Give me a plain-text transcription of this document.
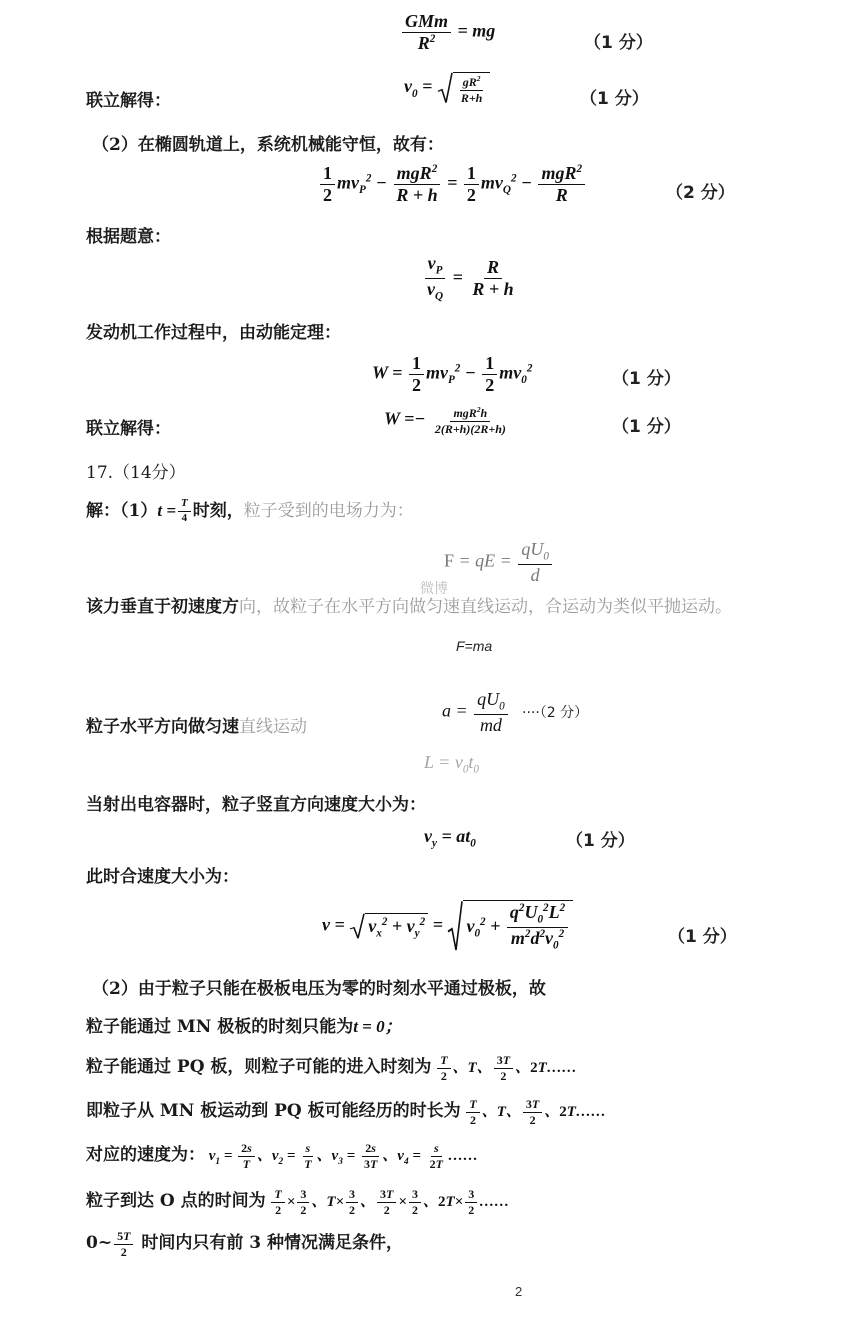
$\frac{\text{GMm}}{R^2}$ = mg
（1 分）
联立解得：
$v_0 = \frac{gR^2}{R+h}$	（1 分）
（2）在椭圆轨道上，系统机械能守恒，故有：
$\frac{1}{2} mv_P^2 - \frac{mgR^2}{R + h} = \frac{1}{2} mv_Q^2 - \frac{mgR^2}{R}$	（2 分）
根据题意：
$\frac{v_P}{v_Q} = \frac{R}{R + h}$
发动机工作过程中，由动能定理：
$W = \frac{1}{2} mv_P^2 - \frac{1}{2} mv_0^2$
（1 分）
联立解得：
$W =- \frac{mgR^2h}{2(R+h)(2R+h)}$	（1 分）
17.（14分）
解：$(1)t = \frac{T}{4}$ 时刻，粒子受到的电场力为：
F = qE = $\frac{qU_0}{d}$
该力垂直于初速度方向，故粒子在水平方向做匀速直线运动，合运动为类似平抛运动。
微博
F=ma
粒子水平方向做匀速直线运动
$a = \frac{qU_0}{md} \cdot\cdot\cdot\cdot(2$ 分）
$L = v_0t_0$
当射出电容器时，粒子竖直方向速度大小为：
$v_y = at_0$	（1 分）
此时合速度大小为：
v =
$v_x^2 + v_y^2$ =
$v_0^2 + \frac{q^2U_0^2L^2}{m^2d^2v_0^2}$	（1 分）
（2）由于粒子只能在极板电压为零的时刻水平通过极板，故
粒子能通过 MN 极板的时刻只能为t = 0；
粒子能通过 PQ 板，则粒子可能的进入时刻为 $\frac{T}{2}$ 、T、 $\frac{3T}{2}$ 、2T……
即粒子从 MN 板运动到 PQ 板可能经历的时长为 $\frac{T}{2}$ 、T、 $\frac{3T}{2}$ 、2T……
对应的速度为： $v_1 = \frac{2s}{T}$ 、$v_2 = \frac{s}{T}$ 、$v_3 = \frac{2s}{3T}$ 、$v_4 = \frac{s}{2T}$ ……
粒子到达 O 点的时间为 $\frac{T}{2} \times \frac{3}{2}$ 、$T\times \frac{3}{2}$ 、 $\frac{3T}{2} \times \frac{3}{2}$ 、$2T\times \frac{3}{2}$ ……
0~ $\frac{5T}{2}$ 时间内只有前 3 种情况满足条件，
2
